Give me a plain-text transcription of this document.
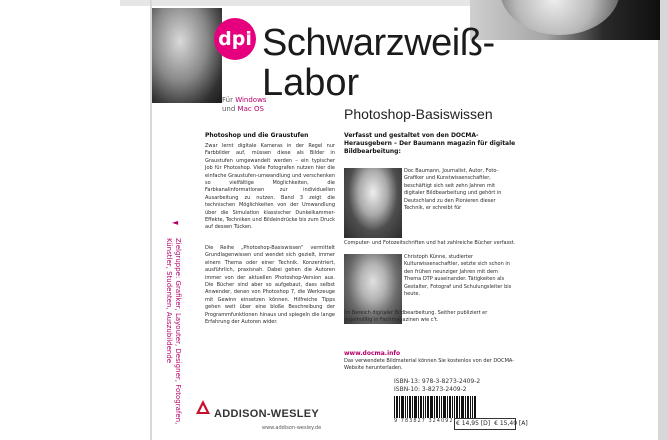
dpi Schwarzweiß-
Labor
Für Windows
und Mac OS	Photoshop-Basiswissen
Photoshop und die Graustufen
Zwar lernt digitale Kameras in der Regel nur Farbbilder auf, müssen diese als Bilder in Graustufen umgewandelt werden – ein typischer Job für Photoshop. Viele Fotografen nutzen hier die einfache Graustufen-umwandlung und verschenken so vielfältige Möglichkeiten, die Farbkanalinformationen zur individuellen Ausarbeitung zu nutzen. Band 3 zeigt die technischen Möglichkeiten von der Umwandlung über die Simulation klassischer Dunkelkammer-Effekte, Techniken und Bildeindrücke bis zum Druck auf dessen Tücken.
Die Reihe „Photoshop-Basiswissen“ vermittelt Grundlagenwissen und wendet sich gezielt, immer einem Thema oder einer Technik. Konzentriert, ausführlich, praxisnah. Dabei gehen die Autoren immer von der aktuellen Photoshop-Version aus. Die Bücher sind aber so aufgebaut, dass selbst Anwender, denen von Photoshop 7, die Werkzeuge mit Gewinn einsetzen können. Hilfreiche Tipps gehen weit über eine bloße Beschreibung der Programmfunktionen hinaus und spiegeln die lange Erfahrung der Autoren wider.
Verfasst und gestaltet von den DOCMA-Herausgebern – Der Baumann magazin für digitale Bildbearbeitung:
Doc Baumann, Journalist, Autor, Foto-Grafiker und Kunstwissenschaftler, beschäftigt sich seit zehn Jahren mit digitaler Bildbearbeitung und gehört in Deutschland zu den Pionieren dieser Technik, er schreibt für
Computer- und Fotozeitschriften und hat zahlreiche Bücher verfasst.
Christoph Künne, studierter Kulturwissenschaftler, setzte sich schon in den frühen neunziger Jahren mit dem Thema DTP auseinander. Tätigkeiten als Gestalter, Fotograf und Schulungsleiter bis heute.
Im Bereich digitaler Bildbearbeitung. Seither publiziert er regelmäßig in Fachmagazinen wie c't.
www.docma.info
Das verwendete Bildmaterial können Sie kostenlos von der DOCMA-Website herunterladen.
◄
Zielgruppe: Grafiker, Layouter, Designer, Fotografen,
Künstler, Studenten, Auszubildende
ADDISON-WESLEY
www.addison-wesley.de
ISBN-13: 978-3-8273-2409-2
ISBN-10: 3-8273-2409-2
9 783827 324092 € 14,95 [D] € 15,40 [A]
